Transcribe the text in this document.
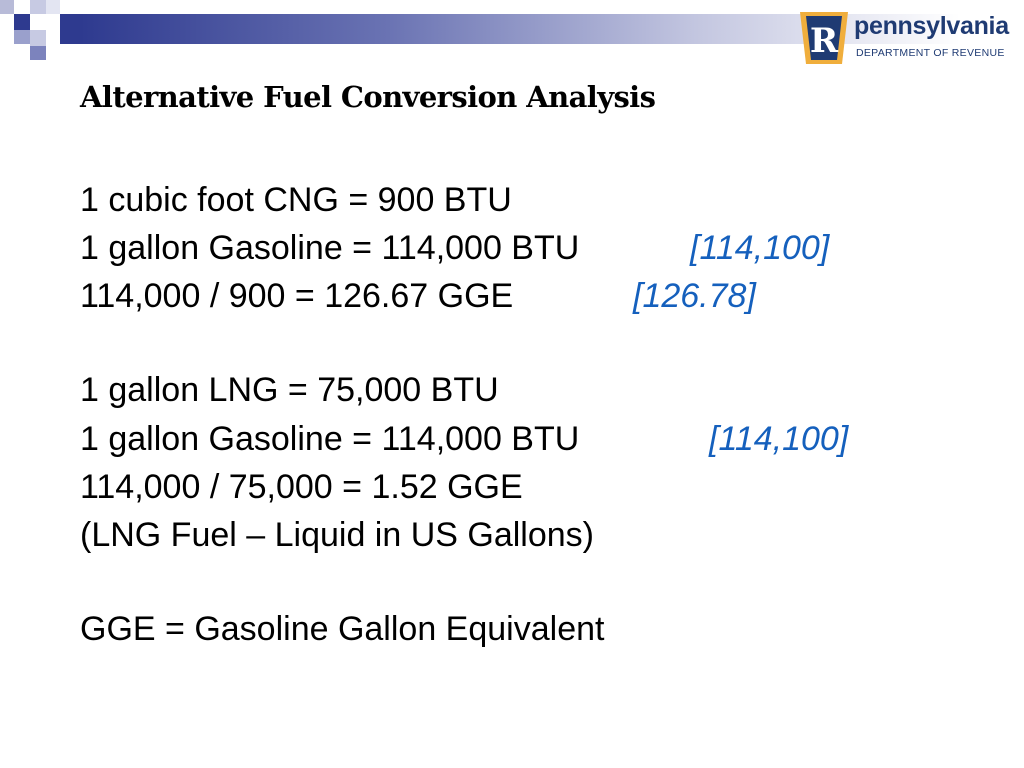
R pennsylvania
DEPARTMENT OF REVENUE
Alternative Fuel Conversion Analysis
1 cubic foot CNG = 900 BTU
1 gallon Gasoline = 114,000 BTU	[114,100]
114,000 / 900 = 126.67 GGE	[126.78]
1 gallon LNG = 75,000 BTU
1 gallon Gasoline = 114,000 BTU	[114,100]
114,000 / 75,000 = 1.52 GGE
(LNG Fuel – Liquid in US Gallons)
GGE = Gasoline Gallon Equivalent
